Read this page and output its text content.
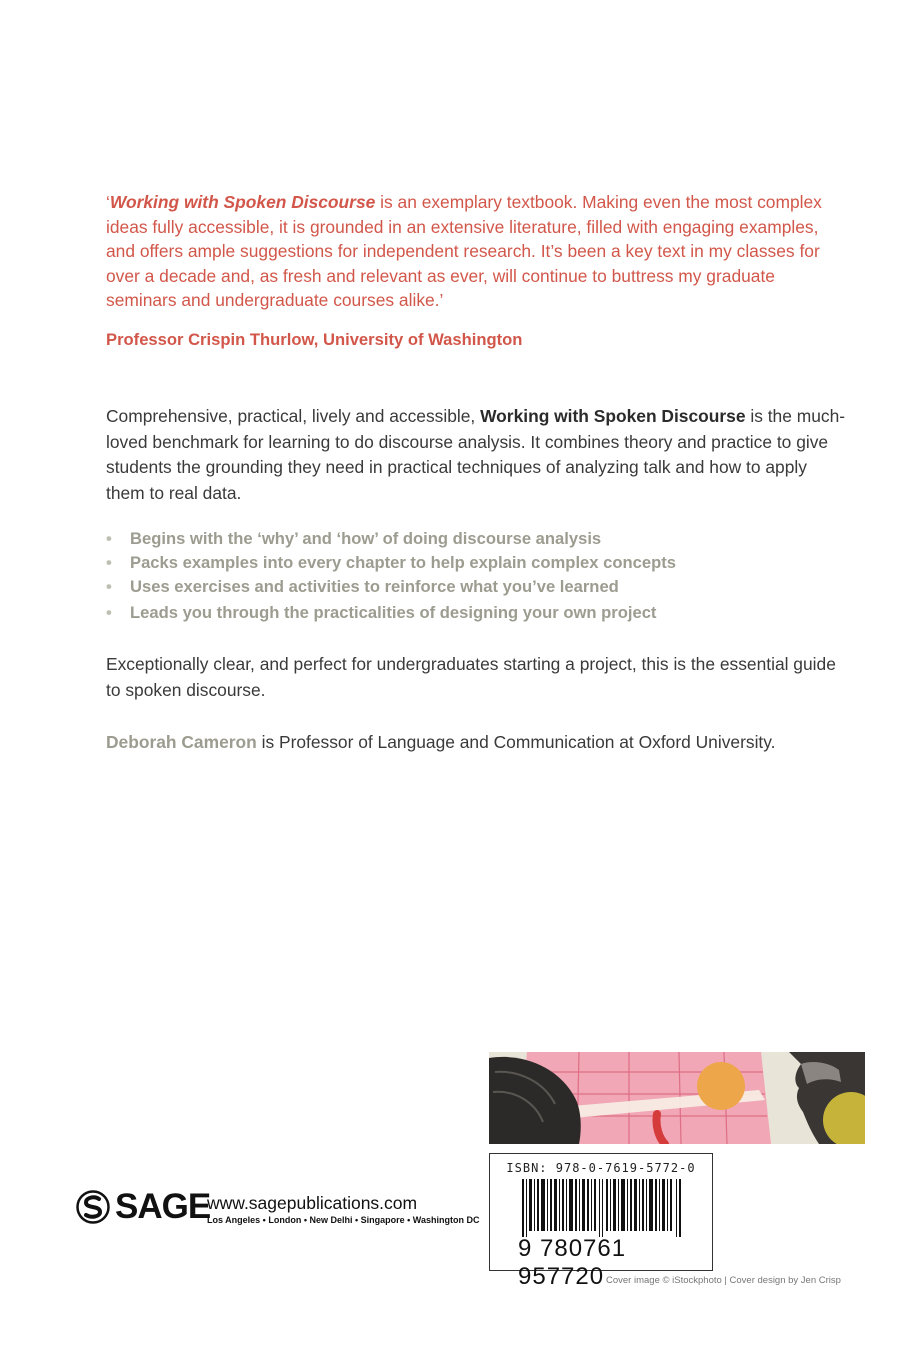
‘Working with Spoken Discourse is an exemplary textbook. Making even the most complex ideas fully accessible, it is grounded in an extensive literature, filled with engaging examples, and offers ample suggestions for independent research. It’s been a key text in my classes for over a decade and, as fresh and relevant as ever, will continue to buttress my graduate seminars and undergraduate courses alike.’
Professor Crispin Thurlow, University of Washington
Comprehensive, practical, lively and accessible, Working with Spoken Discourse is the much-loved benchmark for learning to do discourse analysis. It combines theory and practice to give students the grounding they need in practical techniques of analyzing talk and how to apply them to real data.
• Begins with the ‘why’ and ‘how’ of doing discourse analysis
• Packs examples into every chapter to help explain complex concepts
• Uses exercises and activities to reinforce what you’ve learned
• Leads you through the practicalities of designing your own project
Exceptionally clear, and perfect for undergraduates starting a project, this is the essential guide to spoken discourse.
Deborah Cameron is Professor of Language and Communication at Oxford University.
ISBN: 978-0-7619-5772-0
9 780761 957720
SAGE
www.sagepublications.com
Los Angeles • London • New Delhi • Singapore • Washington DC
Cover image © iStockphoto | Cover design by Jen Crisp
